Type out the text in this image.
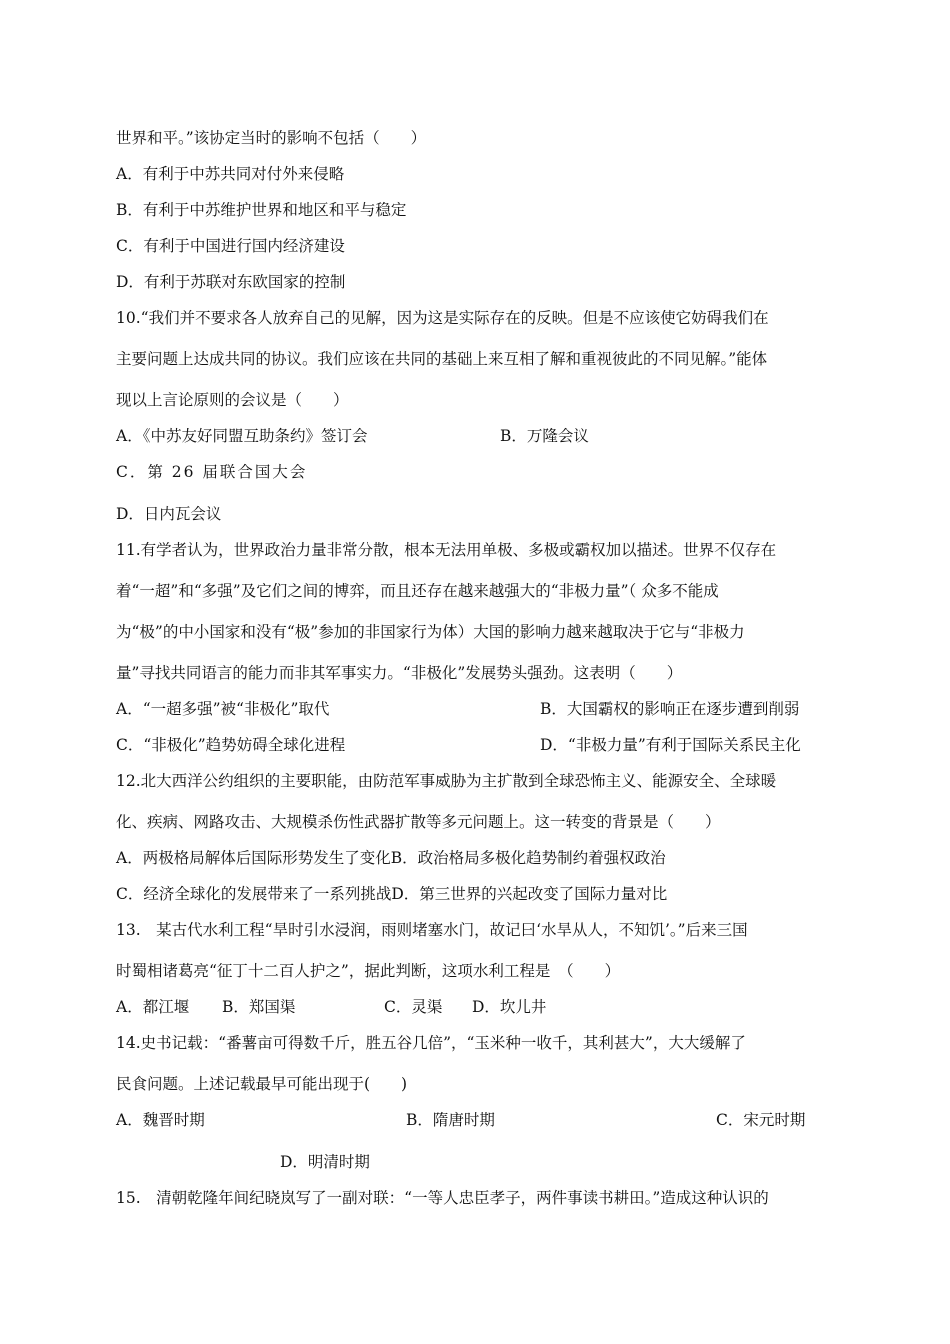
世界和平。”该协定当时的影响不包括（　　）
A．有利于中苏共同对付外来侵略
B．有利于中苏维护世界和地区和平与稳定
C．有利于中国进行国内经济建设
D．有利于苏联对东欧国家的控制
10.“我们并不要求各人放弃自己的见解，因为这是实际存在的反映。但是不应该使它妨碍我们在
主要问题上达成共同的协议。我们应该在共同的基础上来互相了解和重视彼此的不同见解。”能体
现以上言论原则的会议是（　　）
A．《中苏友好同盟互助条约》签订会	B．万隆会议
C．第 26 届联合国大会
D．日内瓦会议
11.有学者认为，世界政治力量非常分散，根本无法用单极、多极或霸权加以描述。世界不仅存在
着“一超”和“多强”及它们之间的博弈，而且还存在越来越强大的“非极力量”（ 众多不能成
为“极”的中小国家和没有“极”参加的非国家行为体）大国的影响力越来越取决于它与“非极力
量”寻找共同语言的能力而非其军事实力。“非极化”发展势头强劲。这表明（　　）
A．“一超多强”被“非极化”取代	B．大国霸权的影响正在逐步遭到削弱
C．“非极化”趋势妨碍全球化进程	D．“非极力量”有利于国际关系民主化
12.北大西洋公约组织的主要职能，由防范军事威胁为主扩散到全球恐怖主义、能源安全、全球暖
化、疾病、网路攻击、大规模杀伤性武器扩散等多元问题上。这一转变的背景是（　　）
A．两极格局解体后国际形势发生了变化B．政治格局多极化趋势制约着强权政治
C．经济全球化的发展带来了一系列挑战D．第三世界的兴起改变了国际力量对比
13.　某古代水利工程“旱时引水浸润，雨则堵塞水门，故记曰‘水旱从人，不知饥’。”后来三国
时蜀相诸葛亮“征丁十二百人护之”，据此判断，这项水利工程是　（　　）
A．都江堰 B．郑国渠	C．灵渠 D．坎儿井
14.史书记载：“番薯亩可得数千斤，胜五谷几倍”，“玉米种一收千，其利甚大”，大大缓解了
民食问题。上述记载最早可能出现于(　　)
A．魏晋时期	B．隋唐时期	C．宋元时期
D．明清时期
15.　清朝乾隆年间纪晓岚写了一副对联：“一等人忠臣孝子，两件事读书耕田。”造成这种认识的
